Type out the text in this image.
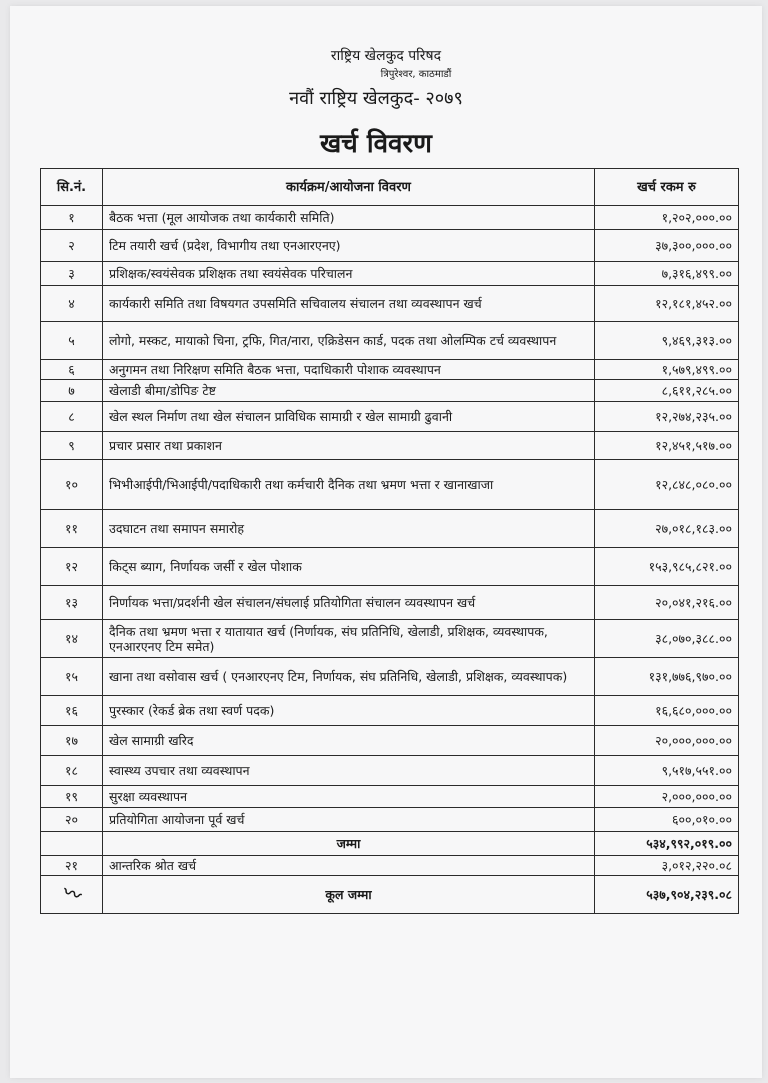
राष्ट्रिय खेलकुद परिषद
त्रिपुरेश्वर, काठमाडौं
नवौं राष्ट्रिय खेलकुद- २०७९
खर्च विवरण
सि.नं.	कार्यक्रम/आयोजना विवरण	खर्च रकम रु
१	बैठक भत्ता (मूल आयोजक तथा कार्यकारी समिति)	१,२०२,०००.००
२	टिम तयारी खर्च (प्रदेश, विभागीय तथा एनआरएनए)	३७,३००,०००.००
३	प्रशिक्षक/स्वयंसेवक प्रशिक्षक तथा स्वयंसेवक परिचालन	७,३१६,४९९.००
४	कार्यकारी समिति तथा विषयगत उपसमिति सचिवालय संचालन तथा व्यवस्थापन खर्च	१२,१८१,४५२.००
५	लोगो, मस्कट, मायाको चिना, ट्रफि, गित/नारा, एक्रिडेसन कार्ड, पदक तथा ओलम्पिक टर्च व्यवस्थापन	९,४६९,३१३.००
६	अनुगमन तथा निरिक्षण समिति बैठक भत्ता, पदाधिकारी पोशाक व्यवस्थापन	१,५७९,४९९.००
७	खेलाडी बीमा/डोपिङ टेष्ट	८,६११,२८५.००
८	खेल स्थल निर्माण तथा खेल संचालन प्राविधिक सामाग्री र खेल सामाग्री ढुवानी	१२,२७४,२३५.००
९	प्रचार प्रसार तथा प्रकाशन	१२,४५१,५१७.००
१०	भिभीआईपी/भिआईपी/पदाधिकारी तथा कर्मचारी दैनिक तथा भ्रमण भत्ता र खानाखाजा	१२,८४८,०८०.००
११	उदघाटन तथा समापन समारोह	२७,०१८,१८३.००
१२	किट्स ब्याग, निर्णायक जर्सी र खेल पोशाक	१५३,९८५,८२१.००
१३	निर्णायक भत्ता/प्रदर्शनी खेल संचालन/संघलाई प्रतियोगिता संचालन व्यवस्थापन खर्च	२०,०४१,२१६.००
१४	दैनिक तथा भ्रमण भत्ता र यातायात खर्च (निर्णायक, संघ प्रतिनिधि, खेलाडी, प्रशिक्षक, व्यवस्थापक, एनआरएनए टिम समेत)	३८,०७०,३८८.००
१५	खाना तथा वसोवास खर्च ( एनआरएनए टिम, निर्णायक, संघ प्रतिनिधि, खेलाडी, प्रशिक्षक, व्यवस्थापक)	१३१,७७६,९७०.००
१६	पुरस्कार (रेकर्ड ब्रेक तथा स्वर्ण पदक)	१६,६८०,०००.००
१७	खेल सामाग्री खरिद	२०,०००,०००.००
१८	स्वास्थ्य उपचार तथा व्यवस्थापन	९,५१७,५५१.००
१९	सुरक्षा व्यवस्थापन	२,०००,०००.००
२०	प्रतियोगिता आयोजना पूर्व खर्च	६००,०१०.००
	जम्मा	५३४,९९२,०१९.००
२१	आन्तरिक श्रोत खर्च	३,०१२,२२०.०८
〰	कूल जम्मा	५३७,९०४,२३९.०८
